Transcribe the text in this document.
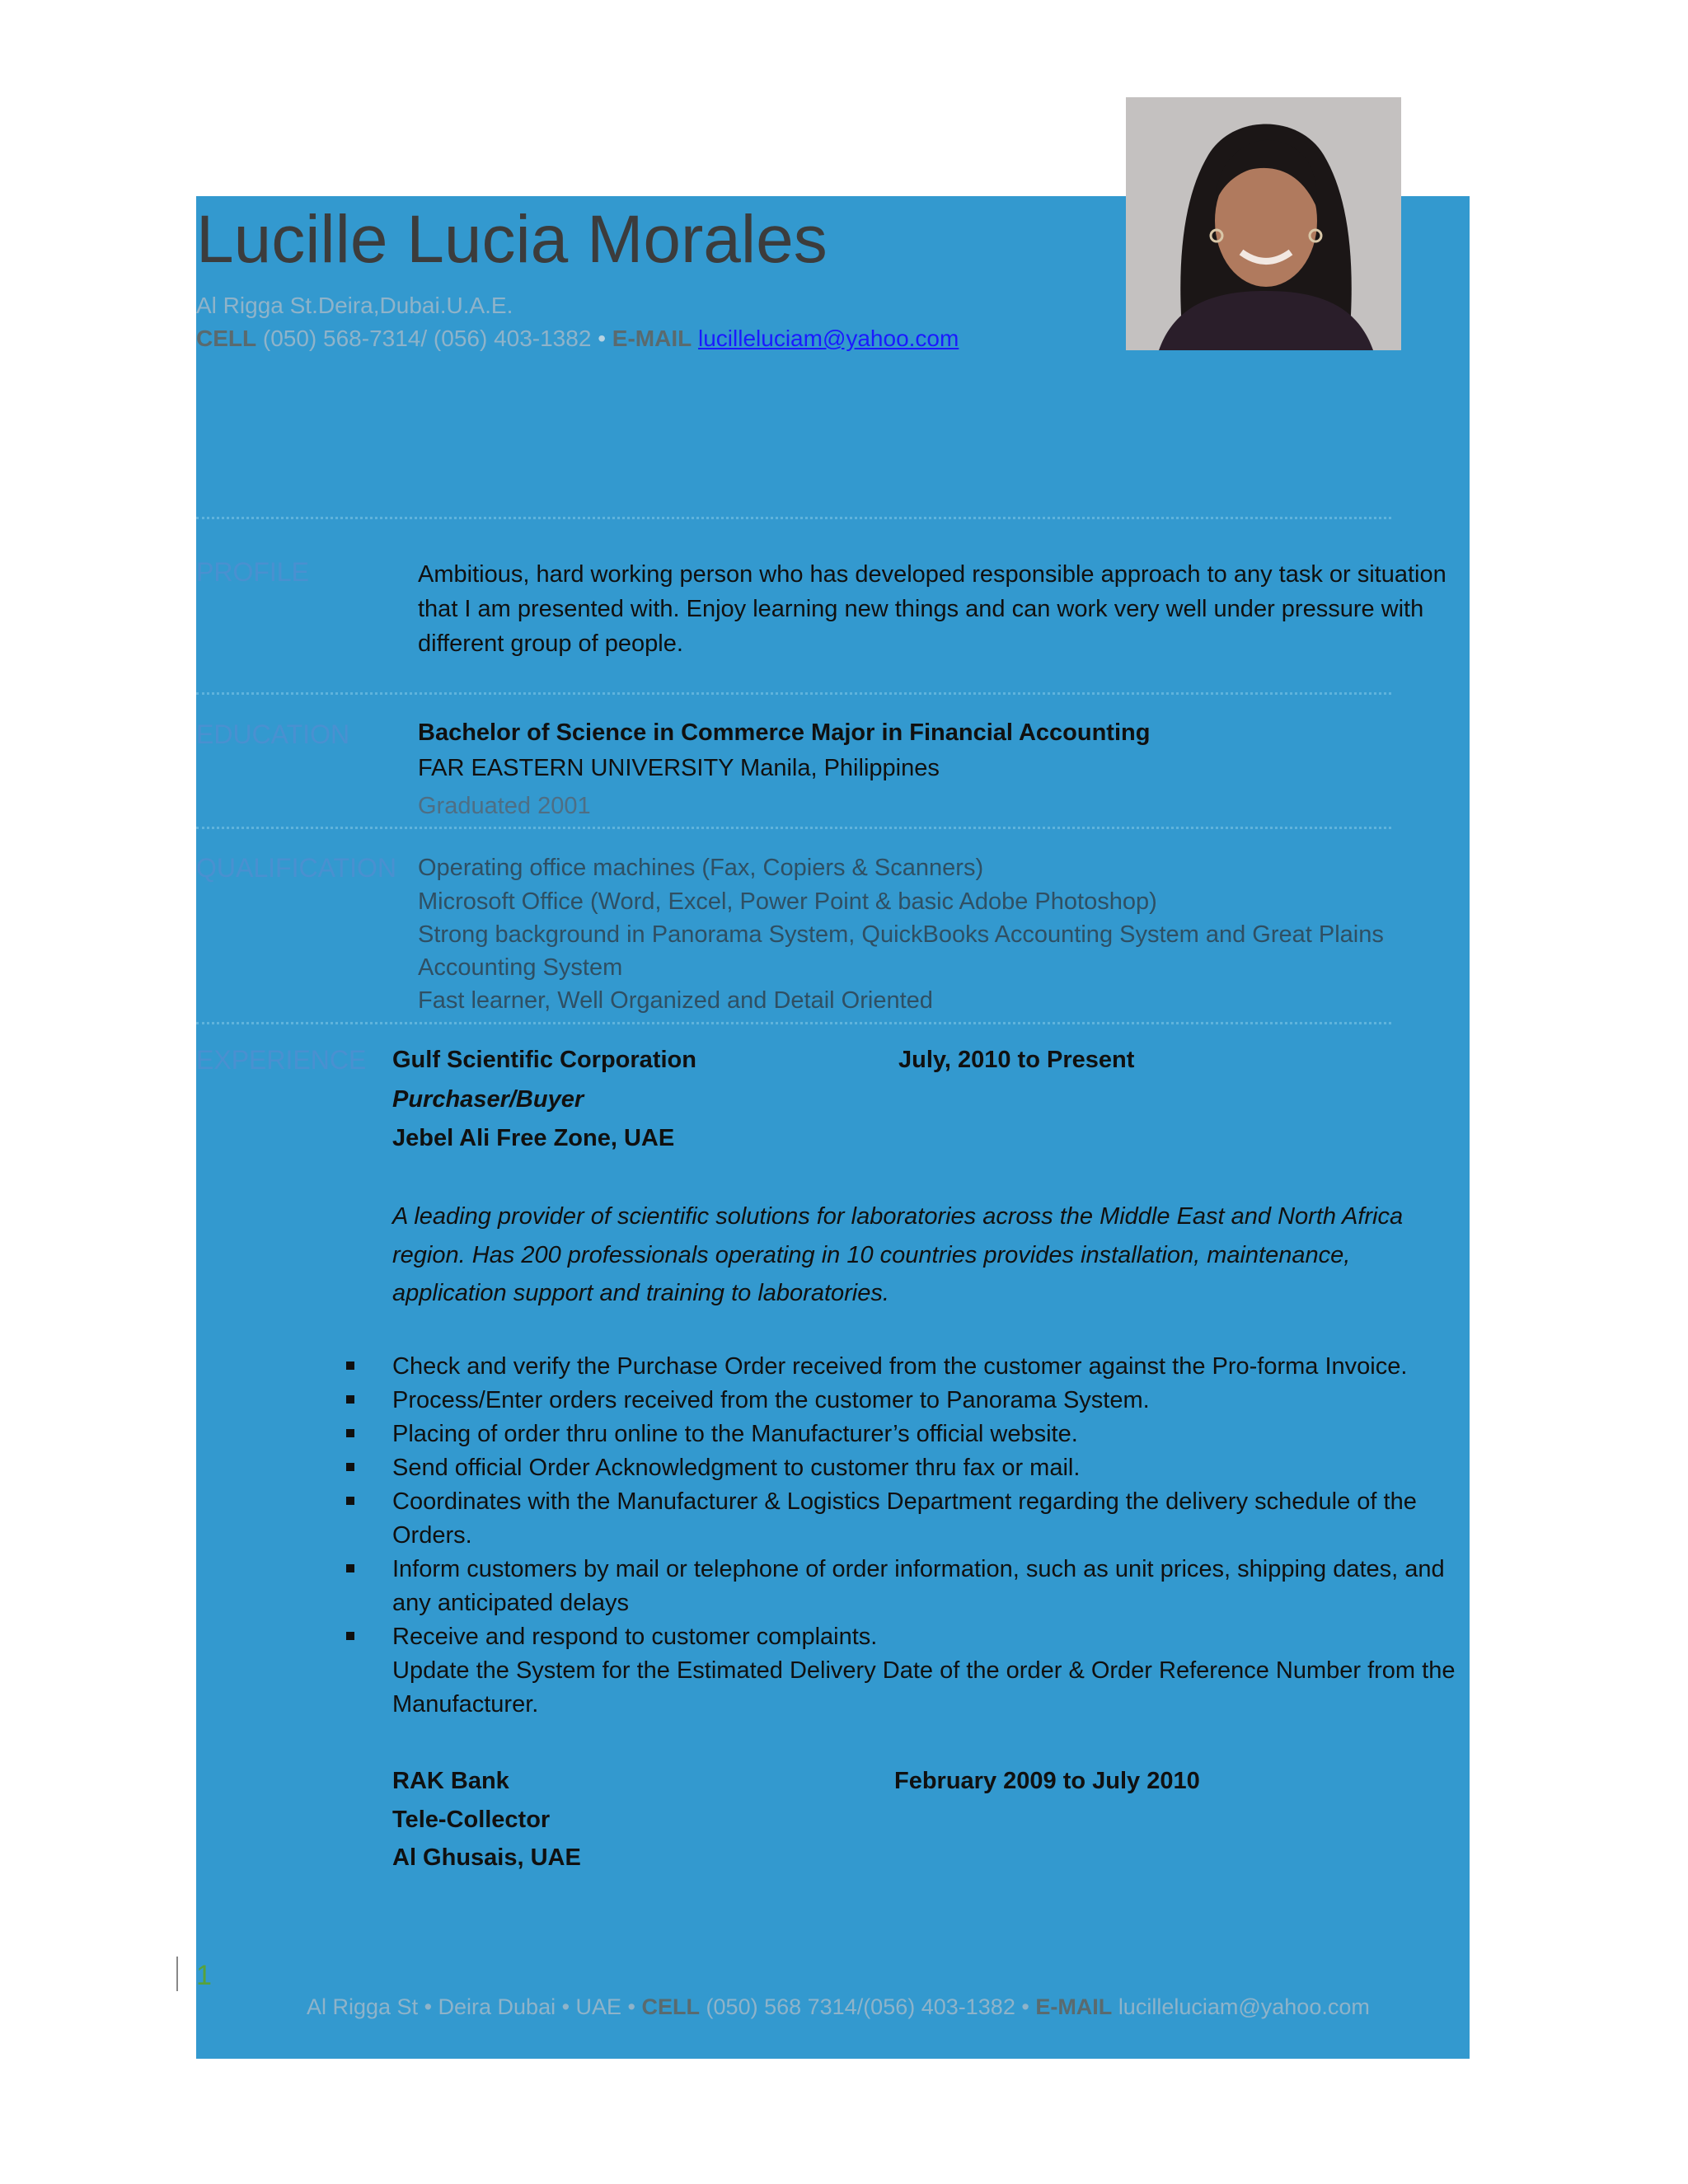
Lucille Lucia Morales
Al Rigga St.Deira,Dubai.U.A.E.
CELL (050) 568-7314/ (056) 403-1382 • E-MAIL lucilleluciam@yahoo.com
PROFILE	Ambitious, hard working person who has developed responsible approach to any task or situation that I am presented with. Enjoy learning new things and can work very well under pressure with different group of people.
EDUCATION	Bachelor of Science in Commerce Major in Financial Accounting
FAR EASTERN UNIVERSITY Manila, Philippines
Graduated 2001
QUALIFICATION Operating office machines (Fax, Copiers & Scanners)
Microsoft Office (Word, Excel, Power Point & basic Adobe Photoshop)
Strong background in Panorama System, QuickBooks Accounting System and Great Plains
Accounting System
Fast learner, Well Organized and Detail Oriented
EXPERIENCE Gulf Scientific Corporation	July, 2010 to Present
Purchaser/Buyer
Jebel Ali Free Zone, UAE
A leading provider of scientific solutions for laboratories across the Middle East and North Africa
region. Has 200 professionals operating in 10 countries provides installation, maintenance,
application support and training to laboratories.
Check and verify the Purchase Order received from the customer against the Pro-forma Invoice.
Process/Enter orders received from the customer to Panorama System.
Placing of order thru online to the Manufacturer’s official website.
Send official Order Acknowledgment to customer thru fax or mail.
Coordinates with the Manufacturer & Logistics Department regarding the delivery schedule of the Orders.
Inform customers by mail or telephone of order information, such as unit prices, shipping dates, and any anticipated delays
Receive and respond to customer complaints.
Update the System for the Estimated Delivery Date of the order & Order Reference Number from the Manufacturer.
RAK Bank	February 2009 to July 2010
Tele-Collector
Al Ghusais, UAE
1
Al Rigga St • Deira Dubai • UAE • CELL (050) 568 7314/(056) 403-1382 • E-MAIL lucilleluciam@yahoo.com
